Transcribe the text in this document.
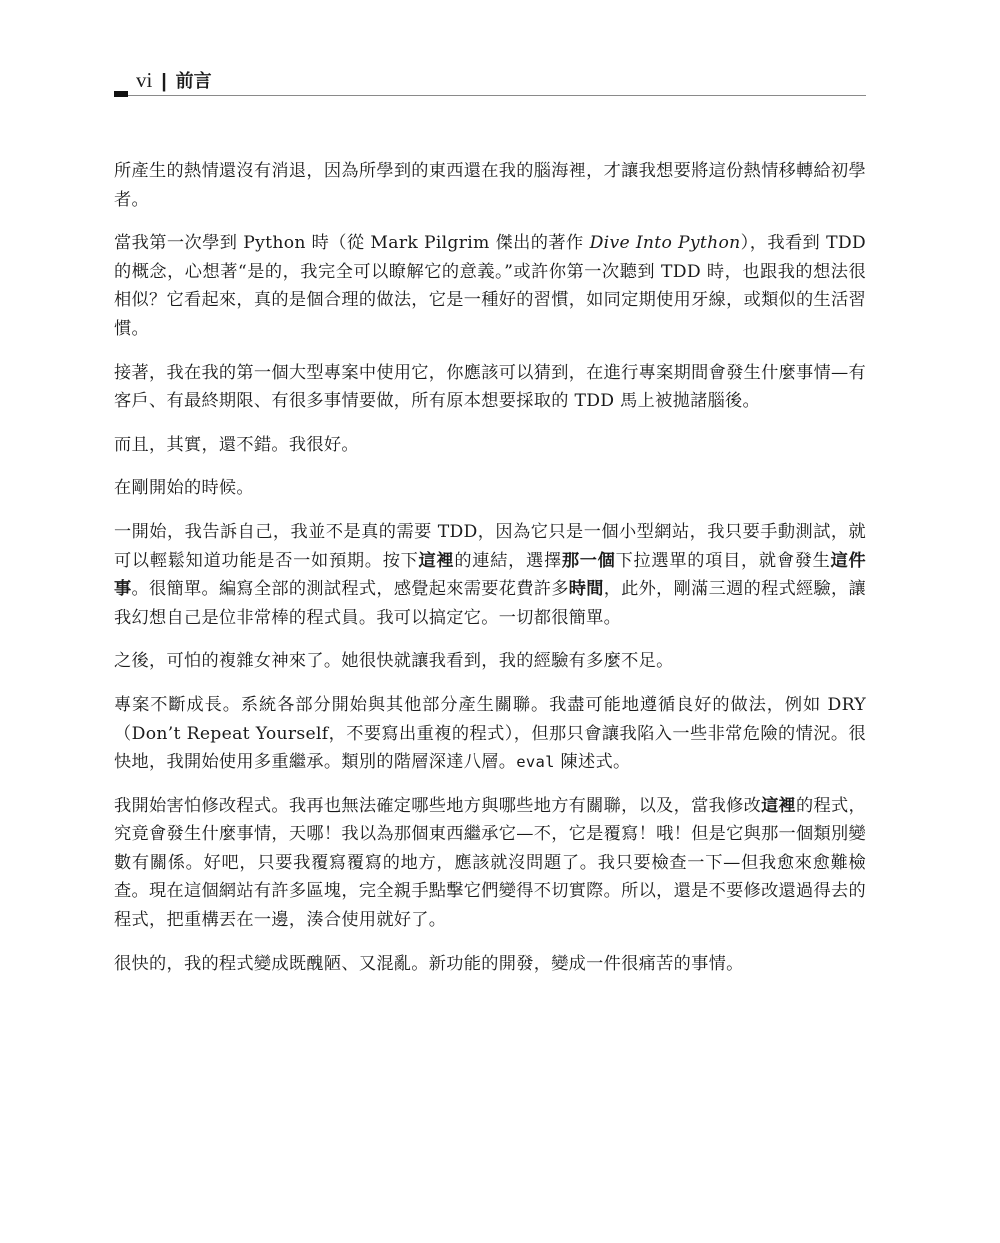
vi | 前言

所產生的熱情還沒有消退，因為所學到的東西還在我的腦海裡，才讓我想要將這份熱情移轉給初學者。

當我第一次學到 Python 時（從 Mark Pilgrim 傑出的著作 Dive Into Python），我看到 TDD 的概念，心想著“是的，我完全可以瞭解它的意義。”或許你第一次聽到 TDD 時，也跟我的想法很相似？它看起來，真的是個合理的做法，它是一種好的習慣，如同定期使用牙線，或類似的生活習慣。

接著，我在我的第一個大型專案中使用它，你應該可以猜到，在進行專案期間會發生什麼事情—有客戶、有最終期限、有很多事情要做，所有原本想要採取的 TDD 馬上被拋諸腦後。

而且，其實，還不錯。我很好。

在剛開始的時候。

一開始，我告訴自己，我並不是真的需要 TDD，因為它只是一個小型網站，我只要手動測試，就可以輕鬆知道功能是否一如預期。按下這裡的連結，選擇那一個下拉選單的項目，就會發生這件事。很簡單。編寫全部的測試程式，感覺起來需要花費許多時間，此外，剛滿三週的程式經驗，讓我幻想自己是位非常棒的程式員。我可以搞定它。一切都很簡單。

之後，可怕的複雜女神來了。她很快就讓我看到，我的經驗有多麼不足。

專案不斷成長。系統各部分開始與其他部分產生關聯。我盡可能地遵循良好的做法，例如 DRY（Don’t Repeat Yourself，不要寫出重複的程式），但那只會讓我陷入一些非常危險的情況。很快地，我開始使用多重繼承。類別的階層深達八層。eval 陳述式。

我開始害怕修改程式。我再也無法確定哪些地方與哪些地方有關聯，以及，當我修改這裡的程式，究竟會發生什麼事情，天哪！我以為那個東西繼承它—不，它是覆寫！哦！但是它與那一個類別變數有關係。好吧，只要我覆寫覆寫的地方，應該就沒問題了。我只要檢查一下—但我愈來愈難檢查。現在這個網站有許多區塊，完全親手點擊它們變得不切實際。所以，還是不要修改還過得去的程式，把重構丟在一邊，湊合使用就好了。

很快的，我的程式變成既醜陋、又混亂。新功能的開發，變成一件很痛苦的事情。
